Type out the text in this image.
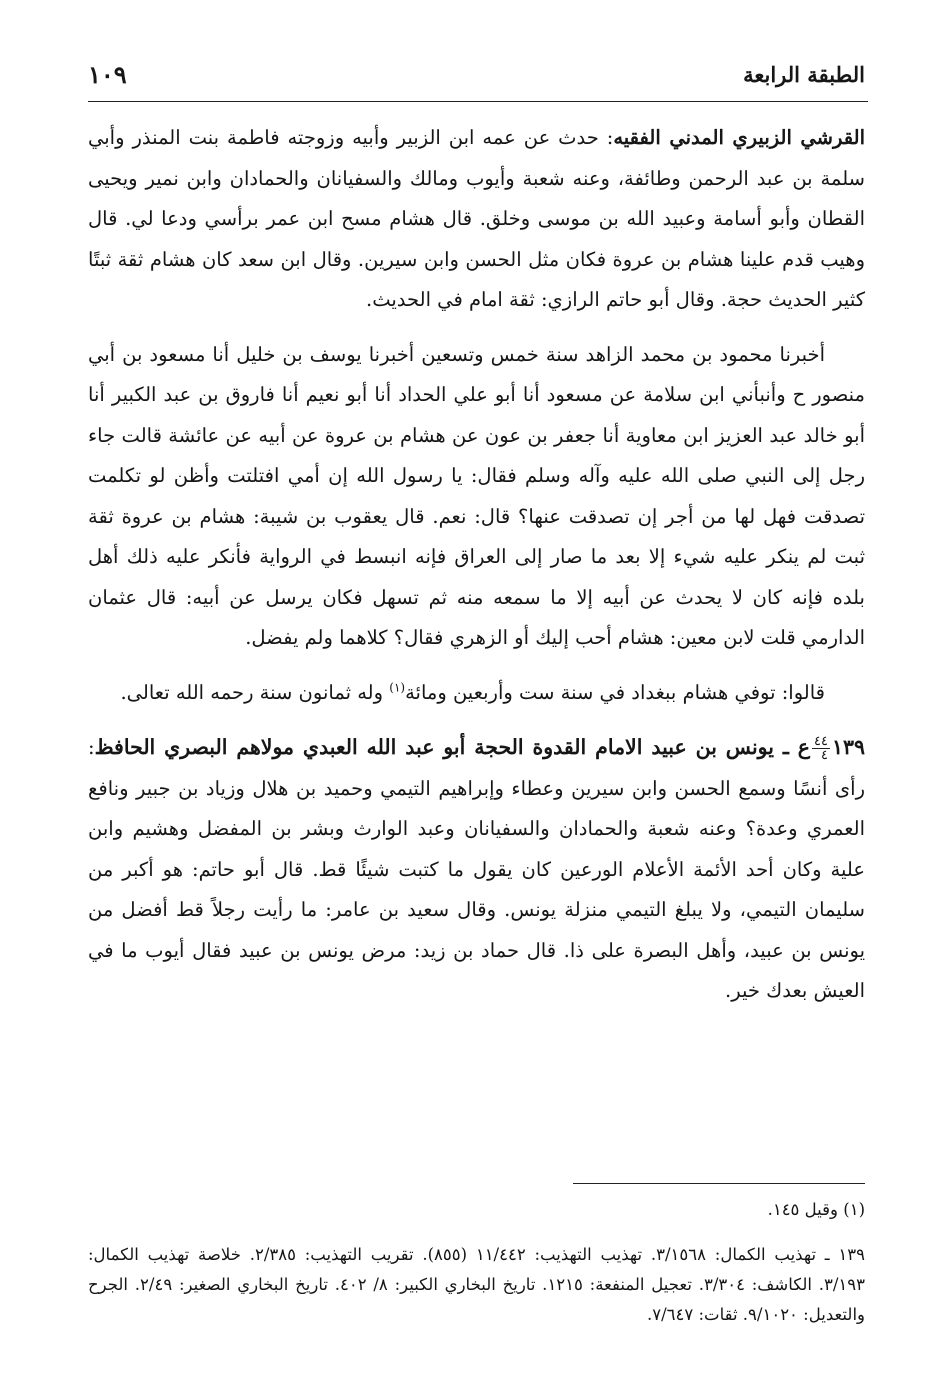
الطبقة الرابعة
١٠٩

القرشي الزبيري المدني الفقيه: حدث عن عمه ابن الزبير وأبيه وزوجته فاطمة بنت المنذر وأبي سلمة بن عبد الرحمن وطائفة، وعنه شعبة وأيوب ومالك والسفيانان والحمادان وابن نمير ويحيى القطان وأبو أسامة وعبيد الله بن موسى وخلق. قال هشام مسح ابن عمر برأسي ودعا لي. قال وهيب قدم علينا هشام بن عروة فكان مثل الحسن وابن سيرين. وقال ابن سعد كان هشام ثقة ثبتًا كثير الحديث حجة. وقال أبو حاتم الرازي: ثقة امام في الحديث.

أخبرنا محمود بن محمد الزاهد سنة خمس وتسعين أخبرنا يوسف بن خليل أنا مسعود بن أبي منصور ح وأنبأني ابن سلامة عن مسعود أنا أبو علي الحداد أنا أبو نعيم أنا فاروق بن عبد الكبير أنا أبو خالد عبد العزيز ابن معاوية أنا جعفر بن عون عن هشام بن عروة عن أبيه عن عائشة قالت جاء رجل إلى النبي صلى الله عليه وآله وسلم فقال: يا رسول الله إن أمي افتلتت وأظن لو تكلمت تصدقت فهل لها من أجر إن تصدقت عنها؟ قال: نعم. قال يعقوب بن شيبة: هشام بن عروة ثقة ثبت لم ينكر عليه شيء إلا بعد ما صار إلى العراق فإنه انبسط في الرواية فأنكر عليه ذلك أهل بلده فإنه كان لا يحدث عن أبيه إلا ما سمعه منه ثم تسهل فكان يرسل عن أبيه: قال عثمان الدارمي قلت لابن معين: هشام أحب إليك أو الزهري فقال؟ كلاهما ولم يفضل.

قالوا: توفي هشام ببغداد في سنة ست وأربعين ومائة$^{(١)}$ وله ثمانون سنة رحمه الله تعالى.

١٣٩
$\frac{٤٤}{٤}$
ع ـ يونس بن عبيد الامام القدوة الحجة أبو عبد الله العبدي مولاهم البصري الحافظ: رأى أنسًا وسمع الحسن وابن سيرين وعطاء وإبراهيم التيمي وحميد بن هلال وزياد بن جبير ونافع العمري وعدة؟ وعنه شعبة والحمادان والسفيانان وعبد الوارث وبشر بن المفضل وهشيم وابن علية وكان أحد الأئمة الأعلام الورعين كان يقول ما كتبت شيئًا قط. قال أبو حاتم: هو أكبر من سليمان التيمي، ولا يبلغ التيمي منزلة يونس. وقال سعيد بن عامر: ما رأيت رجلاً قط أفضل من يونس بن عبيد، وأهل البصرة على ذا. قال حماد بن زيد: مرض يونس بن عبيد فقال أيوب ما في العيش بعدك خير.

(١) وقيل ١٤٥.
١٣٩ ـ تهذيب الكمال: ٣/١٥٦٨. تهذيب التهذيب: ١١/٤٤٢ (٨٥٥). تقريب التهذيب: ٢/٣٨٥. خلاصة تهذيب الكمال: ٣/١٩٣. الكاشف: ٣/٣٠٤. تعجيل المنفعة: ١٢١٥. تاريخ البخاري الكبير: ٨/ ٤٠٢. تاريخ البخاري الصغير: ٢/٤٩. الجرح والتعديل: ٩/١٠٢٠. ثقات: ٧/٦٤٧.
